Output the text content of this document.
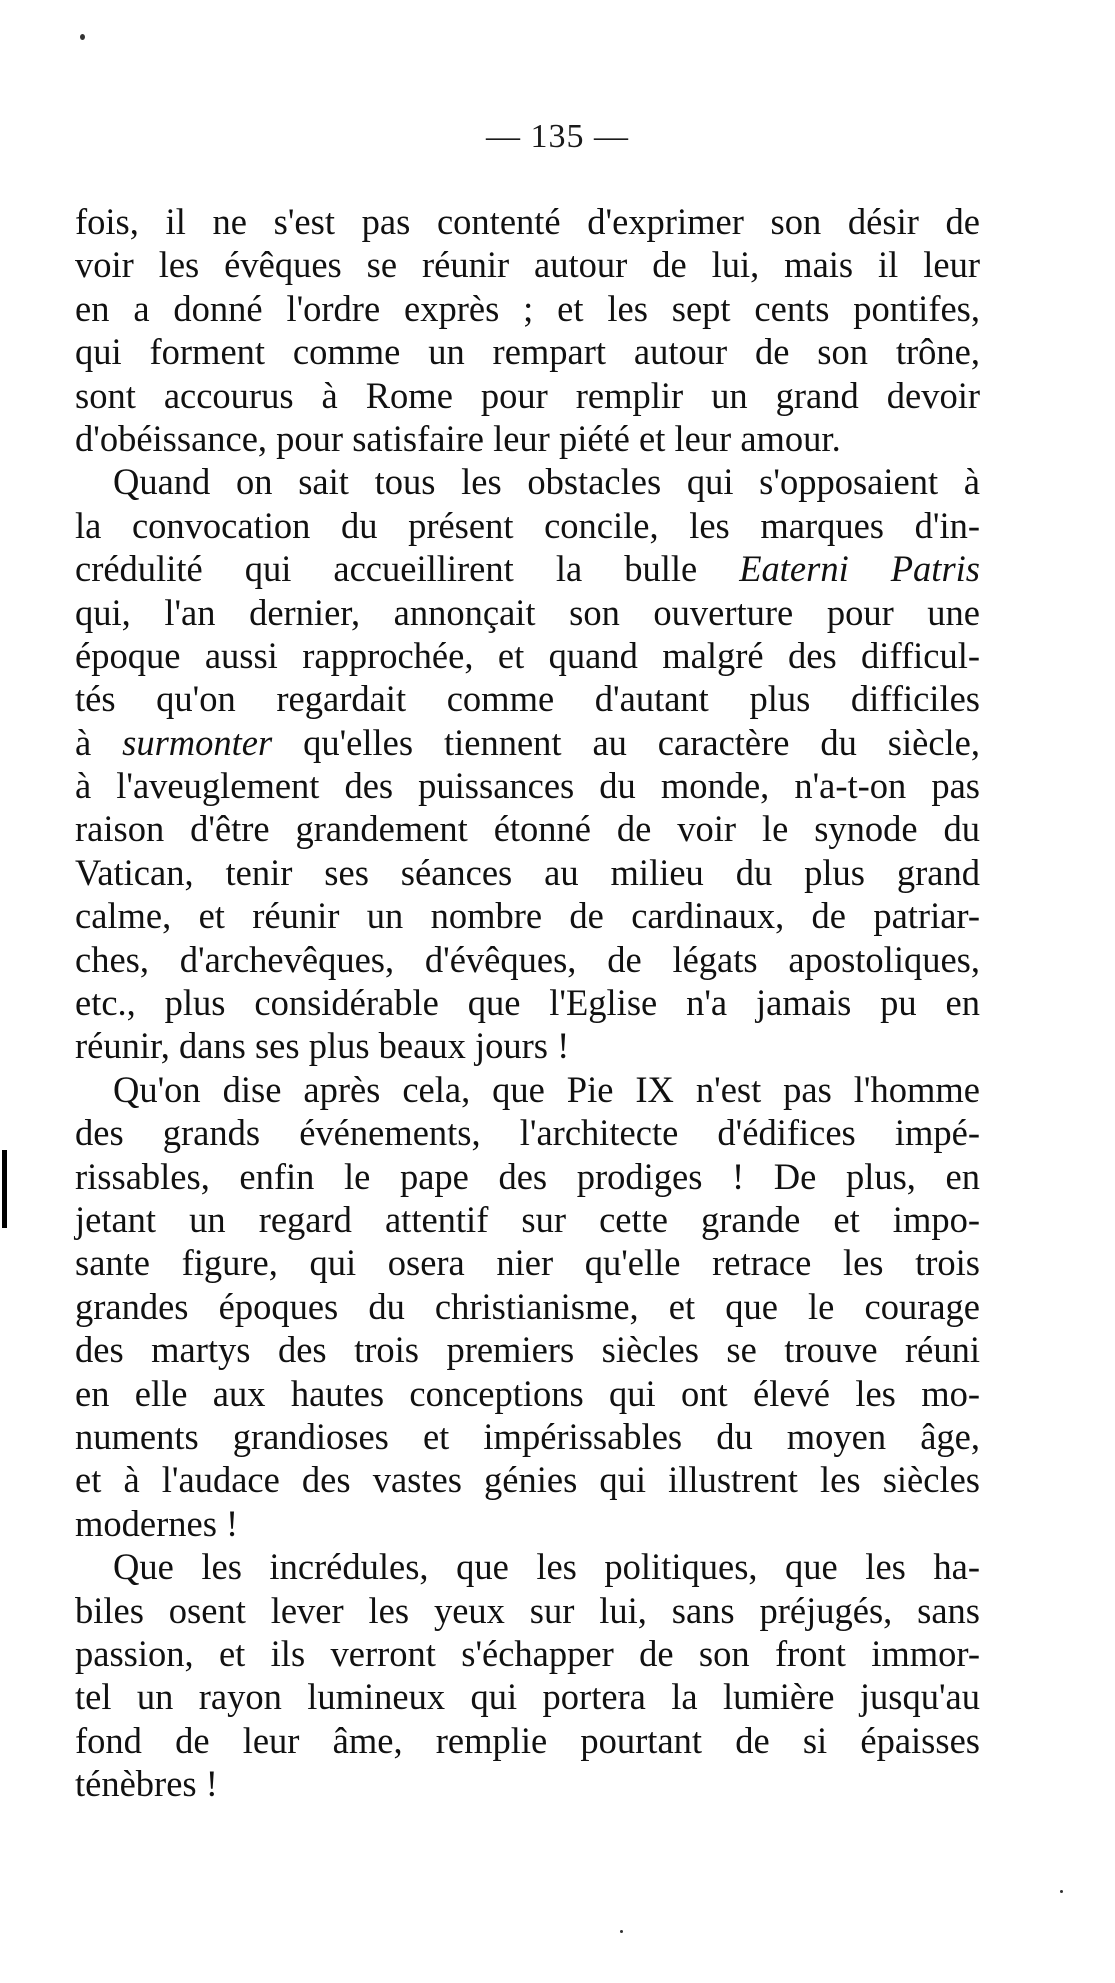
— 135 —
fois, il ne s'est pas contenté d'exprimer son désir de
voir les évêques se réunir autour de lui, mais il leur
en a donné l'ordre exprès ; et les sept cents pontifes,
qui forment comme un rempart autour de son trône,
sont accourus à Rome pour remplir un grand devoir
d'obéissance, pour satisfaire leur piété et leur amour.
Quand on sait tous les obstacles qui s'opposaient à
la convocation du présent concile, les marques d'in-
crédulité qui accueillirent la bulle Eaterni Patris
qui, l'an dernier, annonçait son ouverture pour une
époque aussi rapprochée, et quand malgré des difficul-
tés qu'on regardait comme d'autant plus difficiles
à surmonter qu'elles tiennent au caractère du siècle,
à l'aveuglement des puissances du monde, n'a-t-on pas
raison d'être grandement étonné de voir le synode du
Vatican, tenir ses séances au milieu du plus grand
calme, et réunir un nombre de cardinaux, de patriar-
ches, d'archevêques, d'évêques, de légats apostoliques,
etc., plus considérable que l'Eglise n'a jamais pu en
réunir, dans ses plus beaux jours !
Qu'on dise après cela, que Pie IX n'est pas l'homme
des grands événements, l'architecte d'édifices impé-
rissables, enfin le pape des prodiges ! De plus, en
jetant un regard attentif sur cette grande et impo-
sante figure, qui osera nier qu'elle retrace les trois
grandes époques du christianisme, et que le courage
des martys des trois premiers siècles se trouve réuni
en elle aux hautes conceptions qui ont élevé les mo-
numents grandioses et impérissables du moyen âge,
et à l'audace des vastes génies qui illustrent les siècles
modernes !
Que les incrédules, que les politiques, que les ha-
biles osent lever les yeux sur lui, sans préjugés, sans
passion, et ils verront s'échapper de son front immor-
tel un rayon lumineux qui portera la lumière jusqu'au
fond de leur âme, remplie pourtant de si épaisses
ténèbres !
